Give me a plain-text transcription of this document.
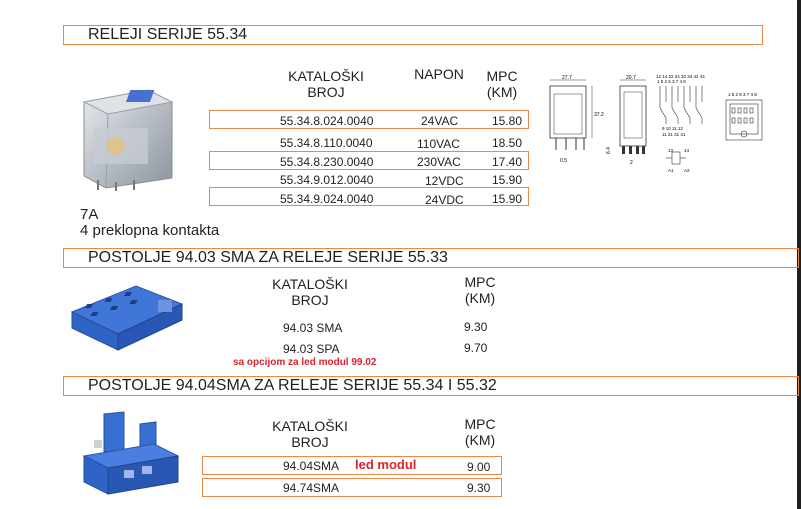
RELEJI SERIJE 55.34
7A
4 preklopna kontakta
KATALOŠKI
BROJ
NAPON	MPC
(KM)
55.34.8.024.0040	24VAC	15.80
55.34.8.110.0040	110VAC	18.50
55.34.8.230.0040	230VAC	17.40
55.34.9.012.0040	12VDC 15.90
55.34.9.024.0040	24VDC 15.90
27.7
37.2
0.5
20.7
2
6.4
12 14 22 24 32 34 42 44
1 5 2 6 3 7 4 8
9 10 11 12
11 21 31 41
13 14
A1 A2
1 5 2 6 3 7 4 8
POSTOLJE 94.03 SMA ZA RELEJE SERIJE 55.33
KATALOŠKI
BROJ
MPC
(KM)
94.03 SMA	9.30
94.03 SPA	9.70
sa opcijom za led modul 99.02
POSTOLJE 94.04SMA ZA RELEJE SERIJE 55.34 I 55.32
KATALOŠKI
BROJ
MPC
(KM)
94.04SMA led modul	9.00
94.74SMA	9.30
